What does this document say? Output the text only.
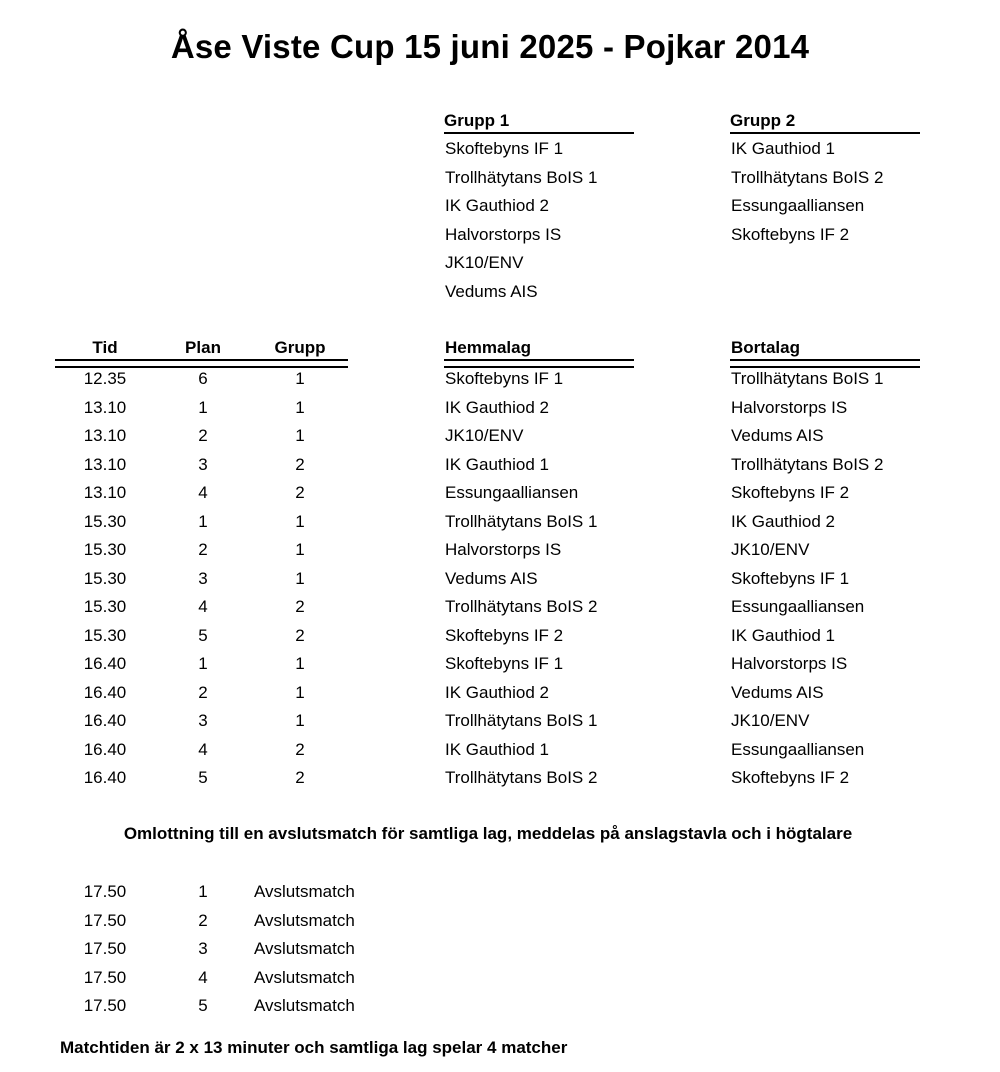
Åse Viste Cup 15 juni 2025 - Pojkar 2014
Grupp 1
Skoftebyns IF 1
Trollhätytans BoIS 1
IK Gauthiod 2
Halvorstorps IS
JK10/ENV
Vedums AIS
Grupp 2
IK Gauthiod 1
Trollhätytans BoIS 2
Essungaalliansen
Skoftebyns IF 2
Tid	Plan	Grupp	Hemmalag	Bortalag
12.35	6	1	Skoftebyns IF 1	Trollhätytans BoIS 1
13.10	1	1	IK Gauthiod 2	Halvorstorps IS
13.10	2	1	JK10/ENV	Vedums AIS
13.10	3	2	IK Gauthiod 1	Trollhätytans BoIS 2
13.10	4	2	Essungaalliansen	Skoftebyns IF 2
15.30	1	1	Trollhätytans BoIS 1	IK Gauthiod 2
15.30	2	1	Halvorstorps IS	JK10/ENV
15.30	3	1	Vedums AIS	Skoftebyns IF 1
15.30	4	2	Trollhätytans BoIS 2	Essungaalliansen
15.30	5	2	Skoftebyns IF 2	IK Gauthiod 1
16.40	1	1	Skoftebyns IF 1	Halvorstorps IS
16.40	2	1	IK Gauthiod 2	Vedums AIS
16.40	3	1	Trollhätytans BoIS 1	JK10/ENV
16.40	4	2	IK Gauthiod 1	Essungaalliansen
16.40	5	2	Trollhätytans BoIS 2	Skoftebyns IF 2
Omlottning till en avslutsmatch för samtliga lag, meddelas på anslagstavla och i högtalare
17.50	1	Avslutsmatch
17.50	2	Avslutsmatch
17.50	3	Avslutsmatch
17.50	4	Avslutsmatch
17.50	5	Avslutsmatch
Matchtiden är 2 x 13 minuter och samtliga lag spelar 4 matcher
